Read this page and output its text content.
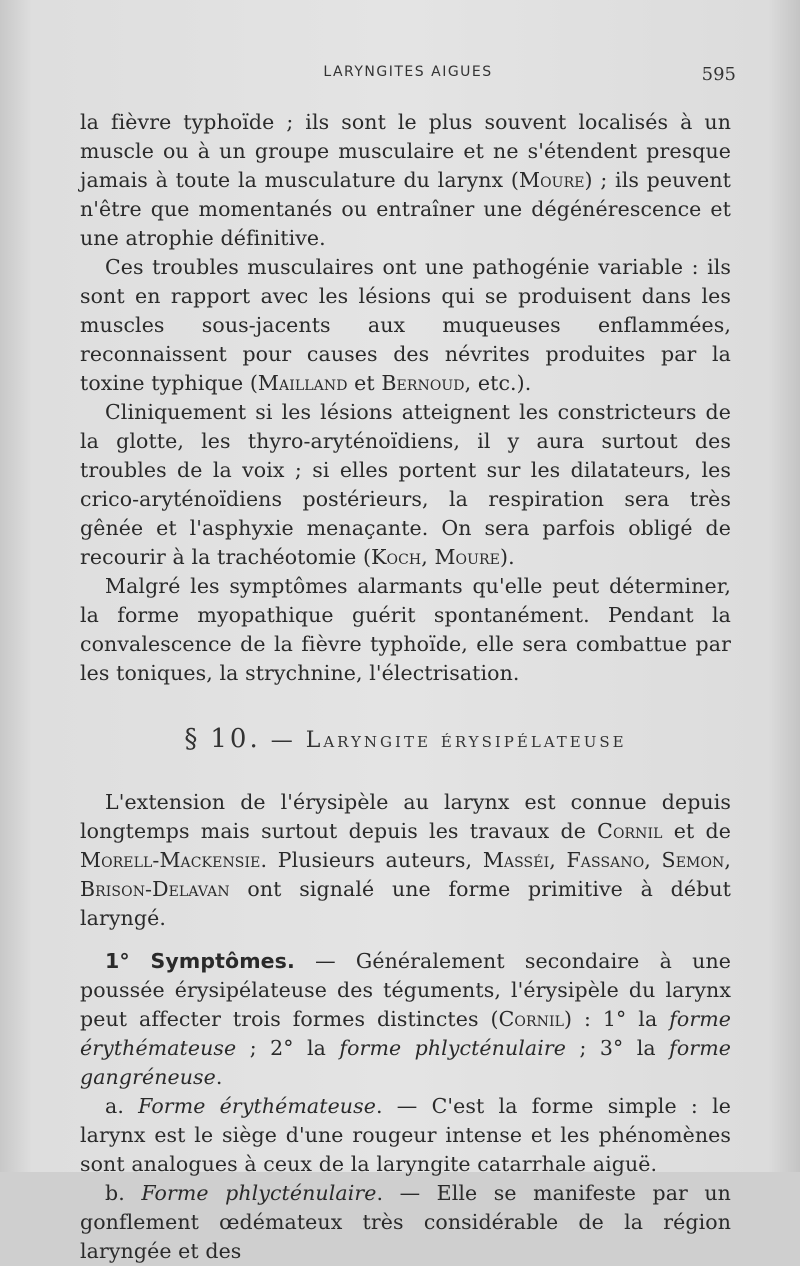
LARYNGITES AIGUES	595

la fièvre typhoïde ; ils sont le plus souvent localisés à un muscle ou à un groupe musculaire et ne s'étendent presque jamais à toute la musculature du larynx (Moure) ; ils peuvent n'être que momentanés ou entraîner une dégénérescence et une atrophie définitive.

Ces troubles musculaires ont une pathogénie variable : ils sont en rapport avec les lésions qui se produisent dans les muscles sous-jacents aux muqueuses enflammées, reconnaissent pour causes des névrites produites par la toxine typhique (Mailland et Bernoud, etc.).

Cliniquement si les lésions atteignent les constricteurs de la glotte, les thyro-aryténoïdiens, il y aura surtout des troubles de la voix ; si elles portent sur les dilatateurs, les crico-aryténoïdiens postérieurs, la respiration sera très gênée et l'asphyxie menaçante. On sera parfois obligé de recourir à la trachéotomie (Koch, Moure).

Malgré les symptômes alarmants qu'elle peut déterminer, la forme myopathique guérit spontanément. Pendant la convalescence de la fièvre typhoïde, elle sera combattue par les toniques, la strychnine, l'électrisation.

§ 10. — Laryngite érysipélateuse

L'extension de l'érysipèle au larynx est connue depuis longtemps mais surtout depuis les travaux de Cornil et de Morell-Mackensie. Plusieurs auteurs, Masséi, Fassano, Semon, Brison-Delavan ont signalé une forme primitive à début laryngé.

1° Symptômes. — Généralement secondaire à une poussée érysipélateuse des téguments, l'érysipèle du larynx peut affecter trois formes distinctes (Cornil) : 1° la forme érythémateuse ; 2° la forme phlycténulaire ; 3° la forme gangréneuse.

a. Forme érythémateuse. — C'est la forme simple : le larynx est le siège d'une rougeur intense et les phénomènes sont analogues à ceux de la laryngite catarrhale aiguë.

b. Forme phlycténulaire. — Elle se manifeste par un gonflement œdémateux très considérable de la région laryngée et des
